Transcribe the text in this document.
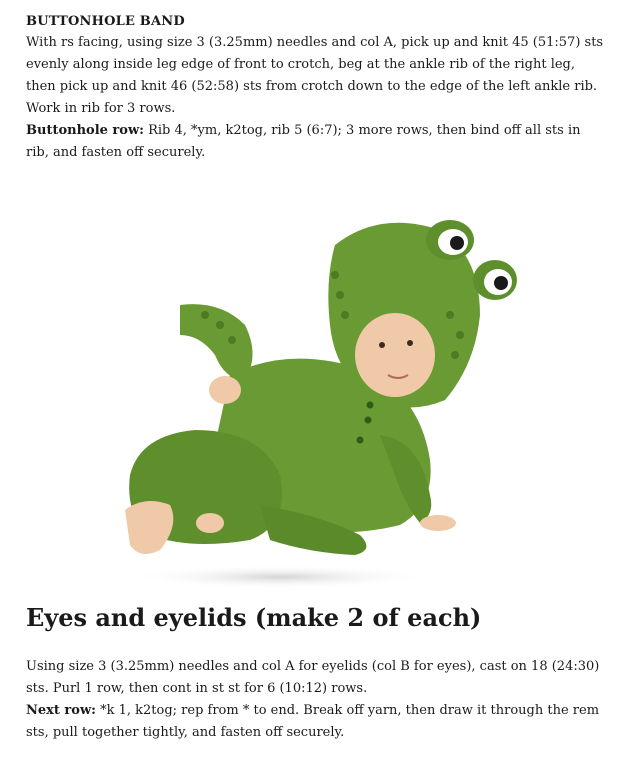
BUTTONHOLE BAND

With rs facing, using size 3 (3.25mm) needles and col A, pick up and knit 45 (51:57) sts evenly along inside leg edge of front to crotch, beg at the ankle rib of the right leg, then pick up and knit 46 (52:58) sts from crotch down to the edge of the left ankle rib. Work in rib for 3 rows.

Buttonhole row: Rib 4, *ym, k2tog, rib 5 (6:7); 3 more rows, then bind off all sts in rib, and fasten off securely.

Eyes and eyelids (make 2 of each)

Using size 3 (3.25mm) needles and col A for eyelids (col B for eyes), cast on 18 (24:30) sts. Purl 1 row, then cont in st st for 6 (10:12) rows.

Next row: *k 1, k2tog; rep from * to end. Break off yarn, then draw it through the rem sts, pull together tightly, and fasten off securely.
